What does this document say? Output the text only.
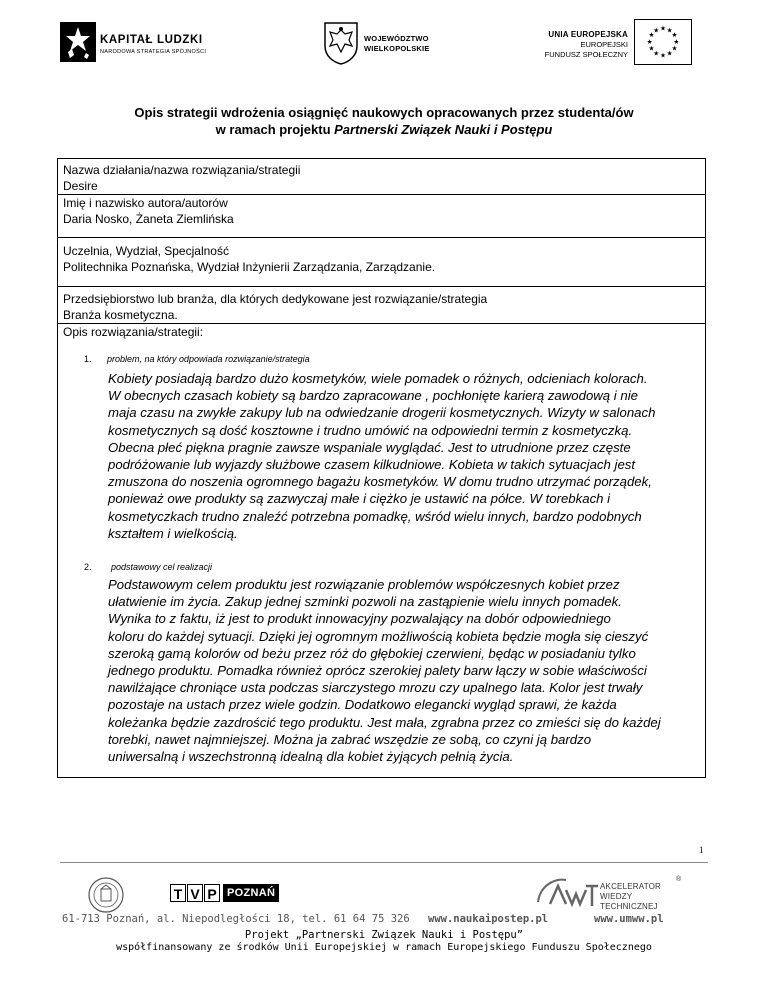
KAPITAŁ LUDZKI
NARODOWA STRATEGIA SPÓJNOŚCI
WOJEWÓDZTWO
WIELKOPOLSKIE
UNIA EUROPEJSKA
EUROPEJSKI
FUNDUSZ SPOŁECZNY
★ ★
★
★
★
★
★
★
★
★
★
★
Opis strategii wdrożenia osiągnięć naukowych opracowanych przez studenta/ów
w ramach projektu Partnerski Związek Nauki i Postępu
Nazwa działania/nazwa rozwiązania/strategii
Desire
Imię i nazwisko autora/autorów
Daria Nosko, Żaneta Ziemlińska
Uczelnia, Wydział, Specjalność
Politechnika Poznańska, Wydział Inżynierii Zarządzania, Zarządzanie.
Przedsiębiorstwo lub branża, dla których dedykowane jest rozwiązanie/strategia
Branża kosmetyczna.
Opis rozwiązania/strategii:
1. problem, na który odpowiada rozwiązanie/strategia
Kobiety posiadają bardzo dużo kosmetyków, wiele pomadek o różnych, odcieniach kolorach.
W obecnych czasach kobiety są bardzo zapracowane , pochłonięte karierą zawodową i nie
maja czasu na zwykłe zakupy lub na odwiedzanie drogerii kosmetycznych. Wizyty w salonach
kosmetycznych są dość kosztowne i trudno umówić na odpowiedni termin z kosmetyczką.
Obecna płeć piękna pragnie zawsze wspaniale wyglądać. Jest to utrudnione przez częste
podróżowanie lub wyjazdy służbowe czasem kilkudniowe. Kobieta w takich sytuacjach jest
zmuszona do noszenia ogromnego bagażu kosmetyków. W domu trudno utrzymać porządek,
ponieważ owe produkty są zazwyczaj małe i ciężko je ustawić na półce. W torebkach i
kosmetyczkach trudno znaleźć potrzebna pomadkę, wśród wielu innych, bardzo podobnych
kształtem i wielkością.
2. podstawowy cel realizacji
Podstawowym celem produktu jest rozwiązanie problemów współczesnych kobiet przez
ułatwienie im życia. Zakup jednej szminki pozwoli na zastąpienie wielu innych pomadek.
Wynika to z faktu, iż jest to produkt innowacyjny pozwalający na dobór odpowiedniego
koloru do każdej sytuacji. Dzięki jej ogromnym możliwością kobieta będzie mogła się cieszyć
szeroką gamą kolorów od beżu przez róż do głębokiej czerwieni, będąc w posiadaniu tylko
jednego produktu. Pomadka również oprócz szerokiej palety barw łączy w sobie właściwości
nawilżające chroniące usta podczas siarczystego mrozu czy upalnego lata. Kolor jest trwały
pozostaje na ustach przez wiele godzin. Dodatkowo elegancki wygląd sprawi, że każda
koleżanka będzie zazdrościć tego produktu. Jest mała, zgrabna przez co zmieści się do każdej
torebki, nawet najmniejszej. Można ja zabrać wszędzie ze sobą, co czyni ją bardzo
uniwersalną i wszechstronną idealną dla kobiet żyjących pełnią życia.
1
T V P POZNAŃ
AKCELERATOR
WIEDZY
TECHNICZNEJ
®
61-713 Poznań, al. Niepodległości 18, tel. 61 64 75 326 www.naukaipostep.pl	www.umww.pl
Projekt „Partnerski Związek Nauki i Postępu”
współfinansowany ze środków Unii Europejskiej w ramach Europejskiego Funduszu Społecznego
